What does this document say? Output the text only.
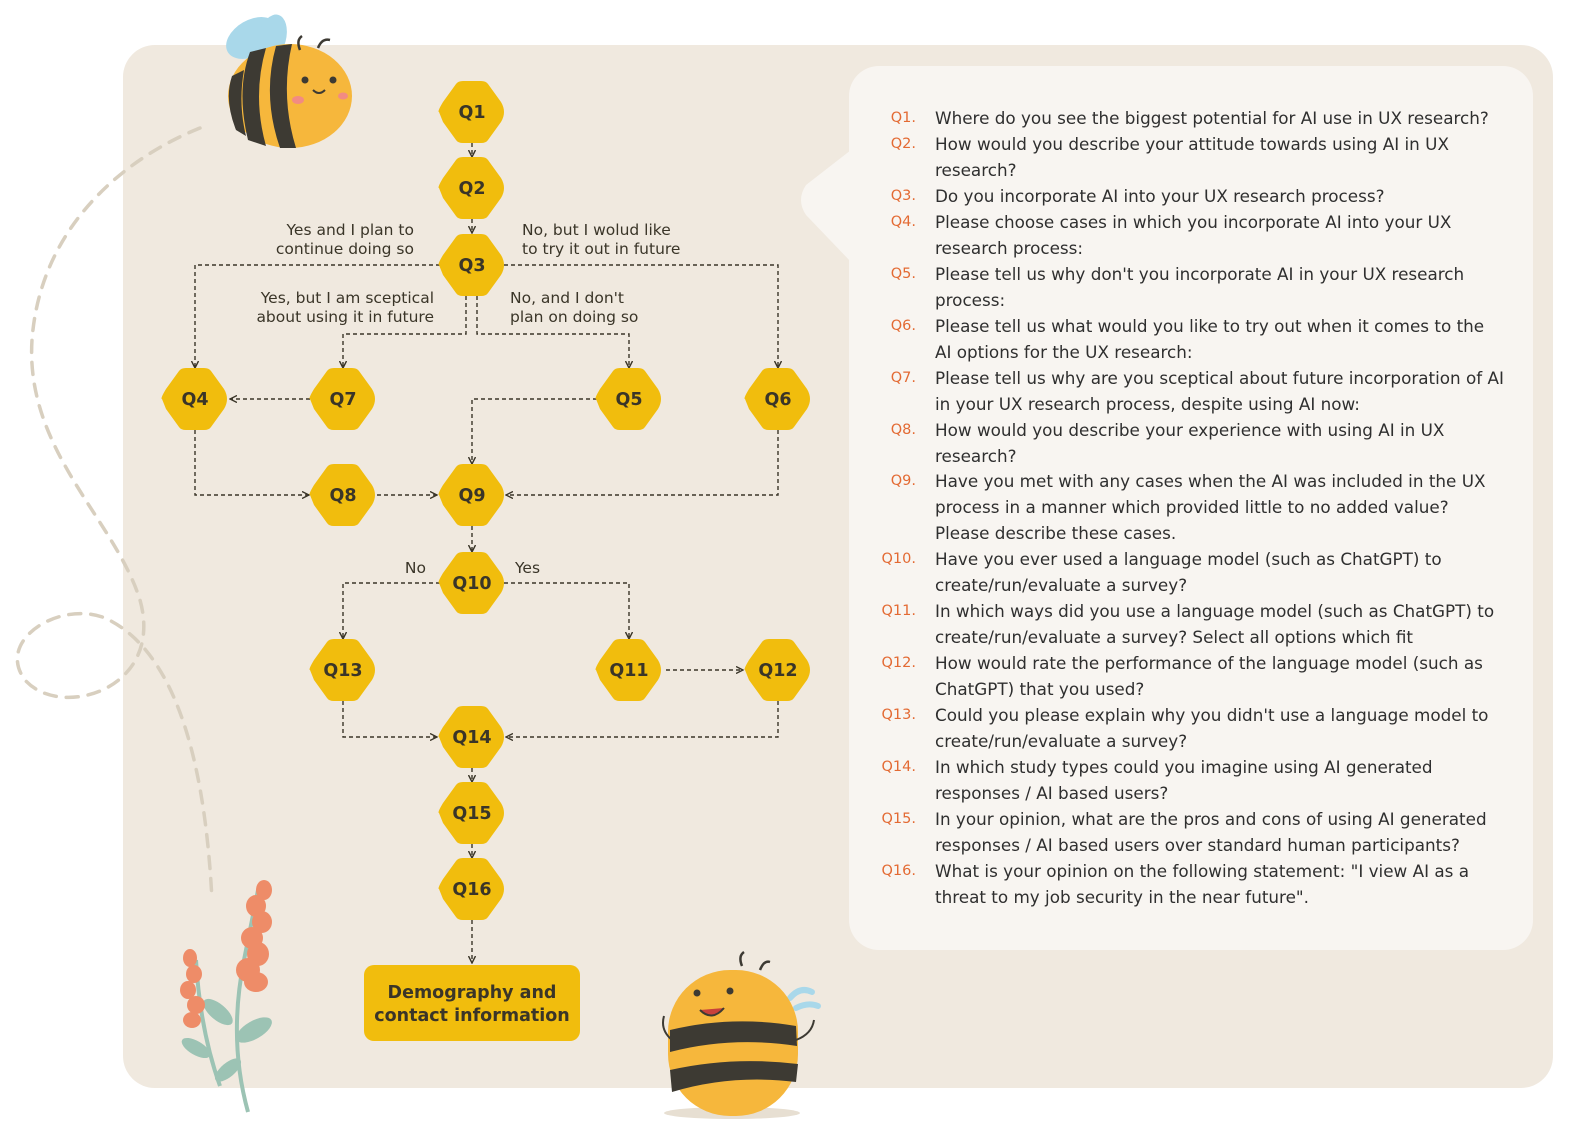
Yes and I plan to
continue doing so
No, but I wolud like
to try it out in future
Yes, but I am sceptical
about using it in future
No, and I don't
plan on doing so
No	Yes
Q1
Q2
Q3
Q4	Q5	Q6
Q7
Q8	Q9
Q10
Q11	Q12
Q13
Q14
Q15
Q16
Demography and
contact information
Q1. Where do you see the biggest potential for AI use in UX research?
Q2. How would you describe your attitude towards using AI in UX research?
Q3. Do you incorporate AI into your UX research process?
Q4. Please choose cases in which you incorporate AI into your UX research process:
Q5. Please tell us why don't you incorporate AI in your UX research process:
Q6. Please tell us what would you like to try out when it comes to the AI options for the UX research:
Q7. Please tell us why are you sceptical about future incorporation of AI in your UX research process, despite using AI now:
Q8. How would you describe your experience with using AI in UX research?
Q9. Have you met with any cases when the AI was included in the UX process in a manner which provided little to no added value? Please describe these cases.
Q10. Have you ever used a language model (such as ChatGPT) to create/run/evaluate a survey?
Q11. In which ways did you use a language model (such as ChatGPT) to create/run/evaluate a survey? Select all options which fit
Q12. How would rate the performance of the language model (such as ChatGPT) that you used?
Q13. Could you please explain why you didn't use a language model to create/run/evaluate a survey?
Q14. In which study types could you imagine using AI generated responses / AI based users?
Q15. In your opinion, what are the pros and cons of using AI generated responses / AI based users over standard human participants?
Q16. What is your opinion on the following statement: "I view AI as a threat to my job security in the near future".
